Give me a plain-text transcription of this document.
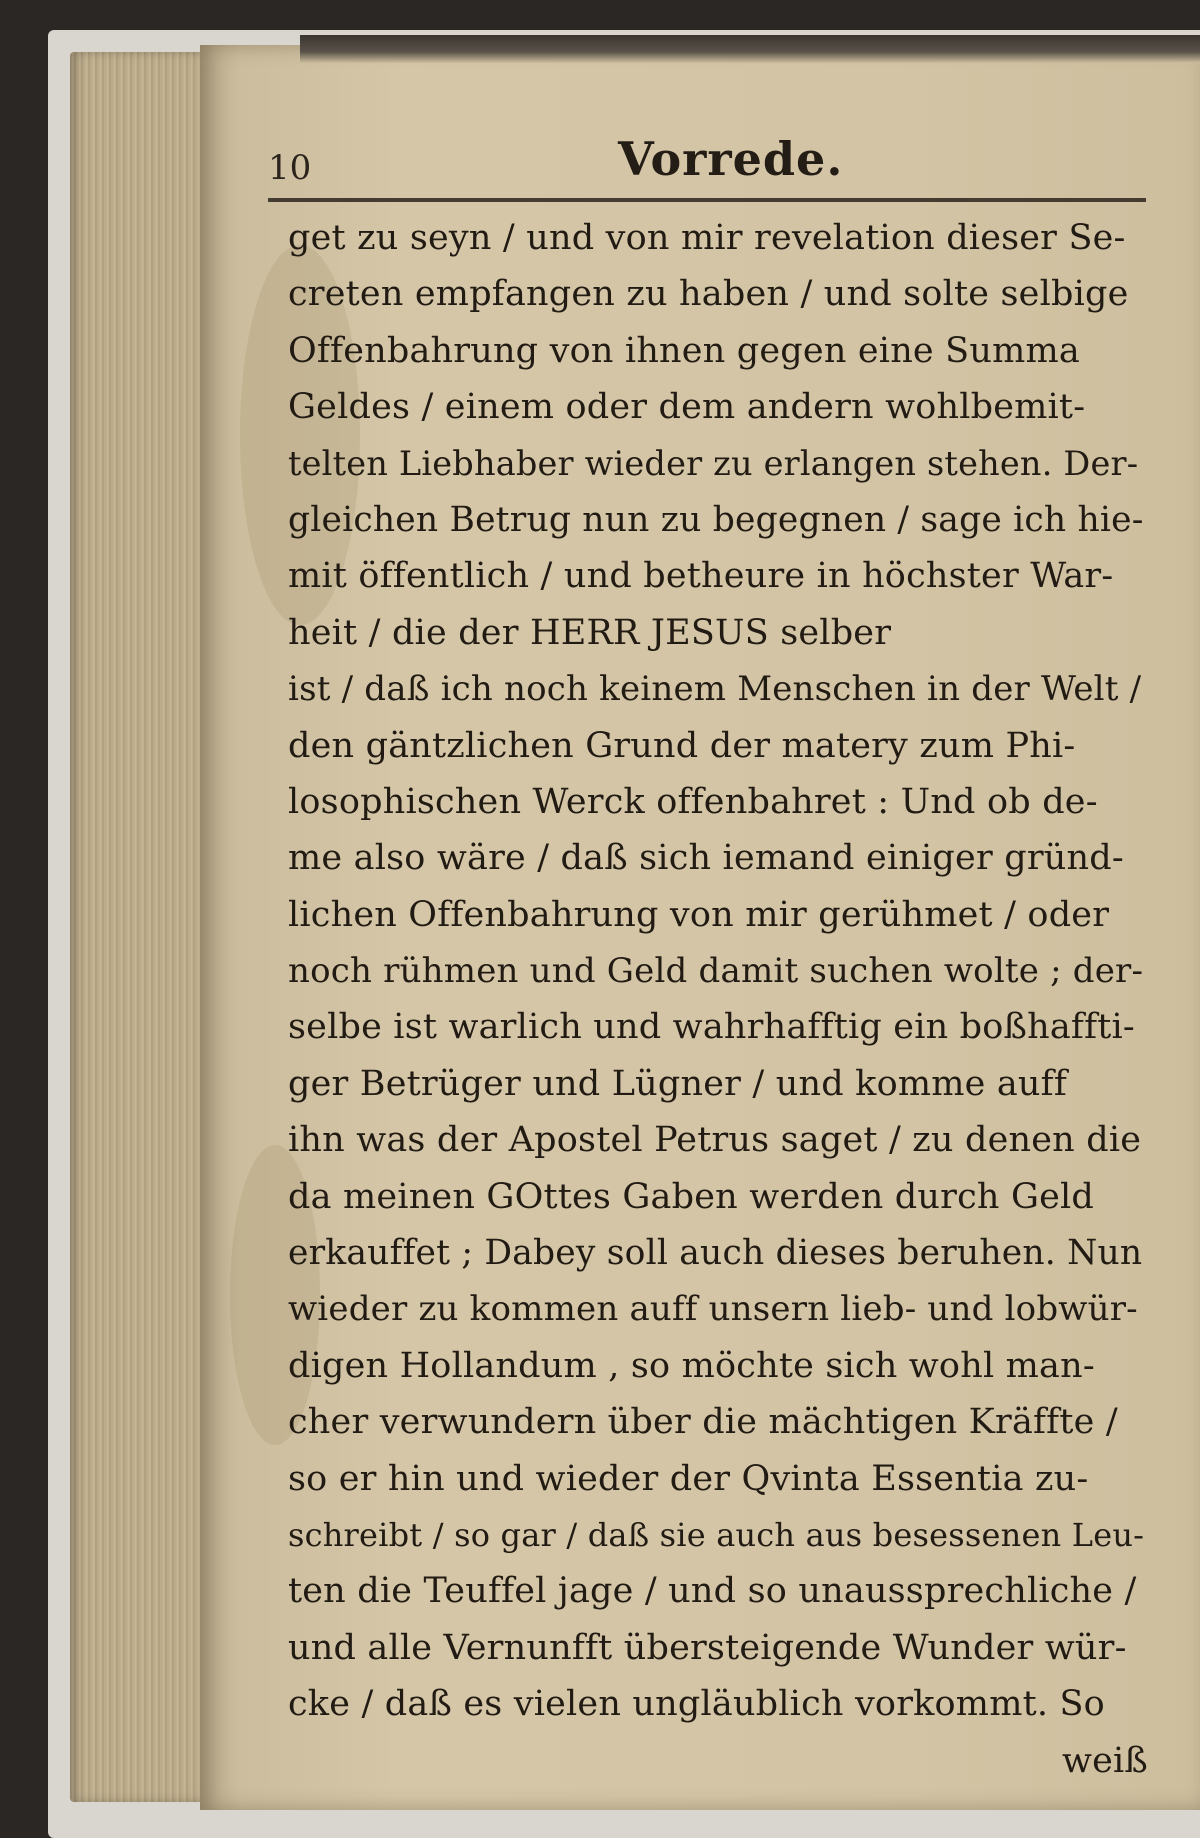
10	Vorrede.
get zu seyn / und von mir revelation dieser Se-
creten empfangen zu haben / und solte selbige
Offenbahrung von ihnen gegen eine Summa
Geldes / einem oder dem andern wohlbemit-
telten Liebhaber wieder zu erlangen stehen. Der-
gleichen Betrug nun zu begegnen / sage ich hie-
mit öffentlich / und betheure in höchster War-
heit / die der HERR JESUS selber
ist / daß ich noch keinem Menschen in der Welt /
den gäntzlichen Grund der matery zum Phi-
losophischen Werck offenbahret : Und ob de-
me also wäre / daß sich iemand einiger gründ-
lichen Offenbahrung von mir gerühmet / oder
noch rühmen und Geld damit suchen wolte ; der-
selbe ist warlich und wahrhafftig ein boßhaffti-
ger Betrüger und Lügner / und komme auff
ihn was der Apostel Petrus saget / zu denen die
da meinen GOttes Gaben werden durch Geld
erkauffet ; Dabey soll auch dieses beruhen. Nun
wieder zu kommen auff unsern lieb- und lobwür-
digen Hollandum , so möchte sich wohl man-
cher verwundern über die mächtigen Kräffte /
so er hin und wieder der Qvinta Essentia zu-
schreibt / so gar / daß sie auch aus besessenen Leu-
ten die Teuffel jage / und so unaussprechliche /
und alle Vernunfft übersteigende Wunder wür-
cke / daß es vielen ungläublich vorkommt. So
weiß
